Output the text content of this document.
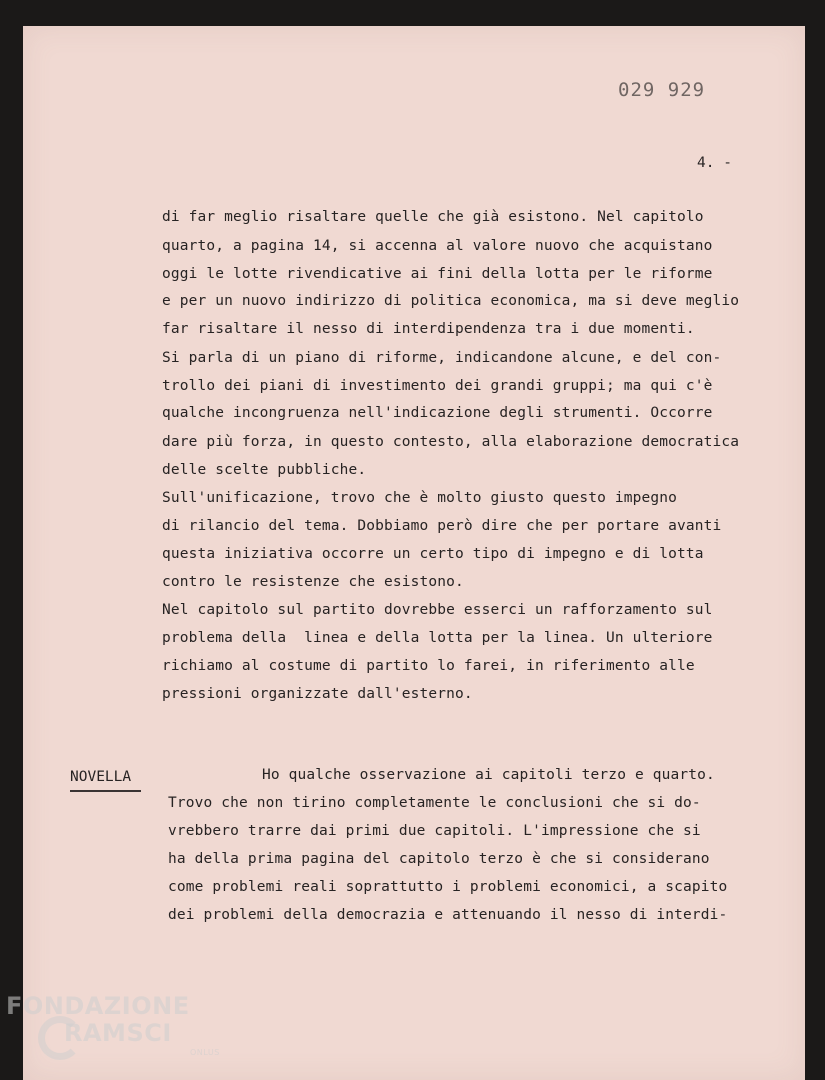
029 929
4. -
di far meglio risaltare quelle che già esistono. Nel capitolo
quarto, a pagina 14, si accenna al valore nuovo che acquistano
oggi le lotte rivendicative ai fini della lotta per le riforme
e per un nuovo indirizzo di politica economica, ma si deve meglio
far risaltare il nesso di interdipendenza tra i due momenti.
Si parla di un piano di riforme, indicandone alcune, e del con-
trollo dei piani di investimento dei grandi gruppi; ma qui c'è
qualche incongruenza nell'indicazione degli strumenti. Occorre
dare più forza, in questo contesto, alla elaborazione democratica
delle scelte pubbliche.
Sull'unificazione, trovo che è molto giusto questo impegno
di rilancio del tema. Dobbiamo però dire che per portare avanti
questa iniziativa occorre un certo tipo di impegno e di lotta
contro le resistenze che esistono.
Nel capitolo sul partito dovrebbe esserci un rafforzamento sul
problema della  linea e della lotta per la linea. Un ulteriore
richiamo al costume di partito lo farei, in riferimento alle
pressioni organizzate dall'esterno.
NOVELLA	Ho qualche osservazione ai capitoli terzo e quarto.
Trovo che non tirino completamente le conclusioni che si do-
vrebbero trarre dai primi due capitoli. L'impressione che si
ha della prima pagina del capitolo terzo è che si considerano
come problemi reali soprattutto i problemi economici, a scapito
dei problemi della democrazia e attenuando il nesso di interdi-
FONDAZIONE
RAMSCI
ONLUS
